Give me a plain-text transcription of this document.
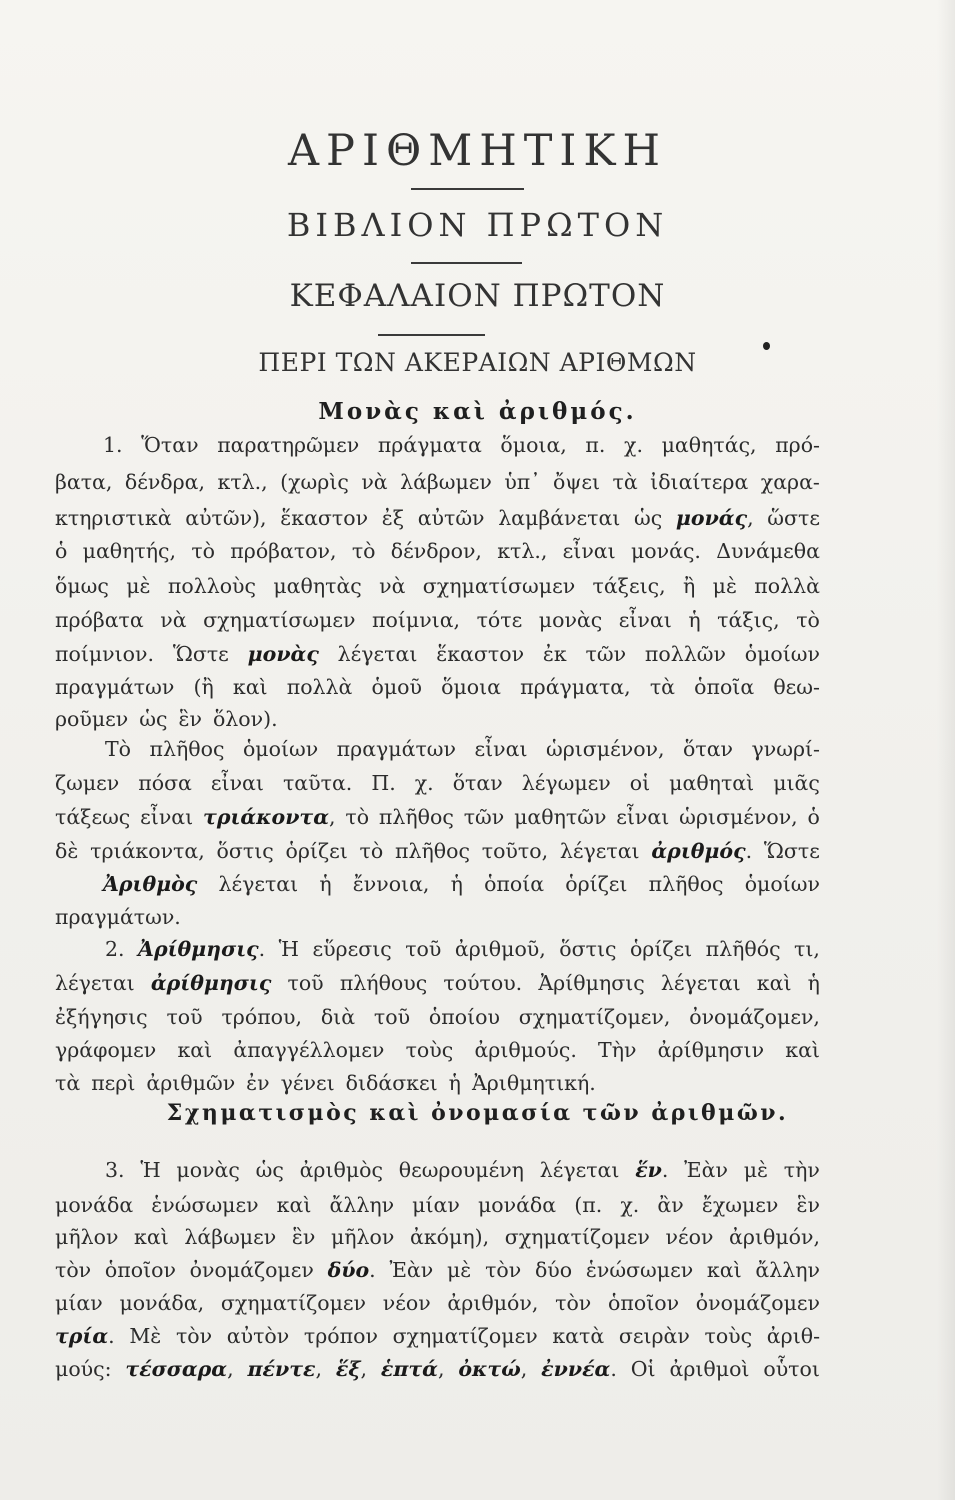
ΑΡΙΘΜΗΤΙΚΗ
ΒΙΒΛΙΟΝ ΠΡΩΤΟΝ
ΚΕΦΑΛΑΙΟΝ ΠΡΩΤΟΝ
ΠΕΡΙ ΤΩΝ ΑΚΕΡΑΙΩΝ ΑΡΙΘΜΩΝ
Μονὰς καὶ ἀριθμός.
Σχηματισμὸς καὶ ὀνομασία τῶν ἀριθμῶν.
1. Ὅταν παρατηρῶμεν πράγματα ὅμοια, π. χ. μαθητάς, πρό-
βατα, δένδρα, κτλ., (χωρὶς νὰ λάβωμεν ὑπ᾽ ὄψει τὰ ἰδιαίτερα χαρα-
κτηριστικὰ αὐτῶν), ἕκαστον ἐξ αὐτῶν λαμβάνεται ὡς μονάς, ὥστε
ὁ μαθητής, τὸ πρόβατον, τὸ δένδρον, κτλ., εἶναι μονάς. Δυνάμεθα
ὅμως μὲ πολλοὺς μαθητὰς νὰ σχηματίσωμεν τάξεις, ἢ μὲ πολλὰ
πρόβατα νὰ σχηματίσωμεν ποίμνια, τότε μονὰς εἶναι ἡ τάξις, τὸ
ποίμνιον. Ὥστε μονὰς λέγεται ἕκαστον ἐκ τῶν πολλῶν ὁμοίων
πραγμάτων (ἢ καὶ πολλὰ ὁμοῦ ὅμοια πράγματα, τὰ ὁποῖα θεω-
ροῦμεν ὡς ἓν ὅλον).
Τὸ πλῆθος ὁμοίων πραγμάτων εἶναι ὡρισμένον, ὅταν γνωρί-
ζωμεν πόσα εἶναι ταῦτα. Π. χ. ὅταν λέγωμεν οἱ μαθηταὶ μιᾶς
τάξεως εἶναι τριάκοντα, τὸ πλῆθος τῶν μαθητῶν εἶναι ὡρισμένον, ὁ
δὲ τριάκοντα, ὅστις ὁρίζει τὸ πλῆθος τοῦτο, λέγεται ἀριθμός. Ὥστε
Ἀριθμὸς λέγεται ἡ ἔννοια, ἡ ὁποία ὁρίζει πλῆθος ὁμοίων
πραγμάτων.
2. Ἀρίθμησις. Ἡ εὕρεσις τοῦ ἀριθμοῦ, ὅστις ὁρίζει πλῆθός τι,
λέγεται ἀρίθμησις τοῦ πλήθους τούτου. Ἀρίθμησις λέγεται καὶ ἡ
ἐξήγησις τοῦ τρόπου, διὰ τοῦ ὁποίου σχηματίζομεν, ὀνομάζομεν,
γράφομεν καὶ ἀπαγγέλλομεν τοὺς ἀριθμούς. Τὴν ἀρίθμησιν καὶ
τὰ περὶ ἀριθμῶν ἐν γένει διδάσκει ἡ Ἀριθμητική.
3. Ἡ μονὰς ὡς ἀριθμὸς θεωρουμένη λέγεται ἕν. Ἐὰν μὲ τὴν
μονάδα ἑνώσωμεν καὶ ἄλλην μίαν μονάδα (π. χ. ἂν ἔχωμεν ἓν
μῆλον καὶ λάβωμεν ἓν μῆλον ἀκόμη), σχηματίζομεν νέον ἀριθμόν,
τὸν ὁποῖον ὀνομάζομεν δύο. Ἐὰν μὲ τὸν δύο ἑνώσωμεν καὶ ἄλλην
μίαν μονάδα, σχηματίζομεν νέον ἀριθμόν, τὸν ὁποῖον ὀνομάζομεν
τρία. Μὲ τὸν αὐτὸν τρόπον σχηματίζομεν κατὰ σειρὰν τοὺς ἀριθ-
μούς: τέσσαρα, πέντε, ἕξ, ἑπτά, ὀκτώ, ἐννέα. Οἱ ἀριθμοὶ οὗτοι
